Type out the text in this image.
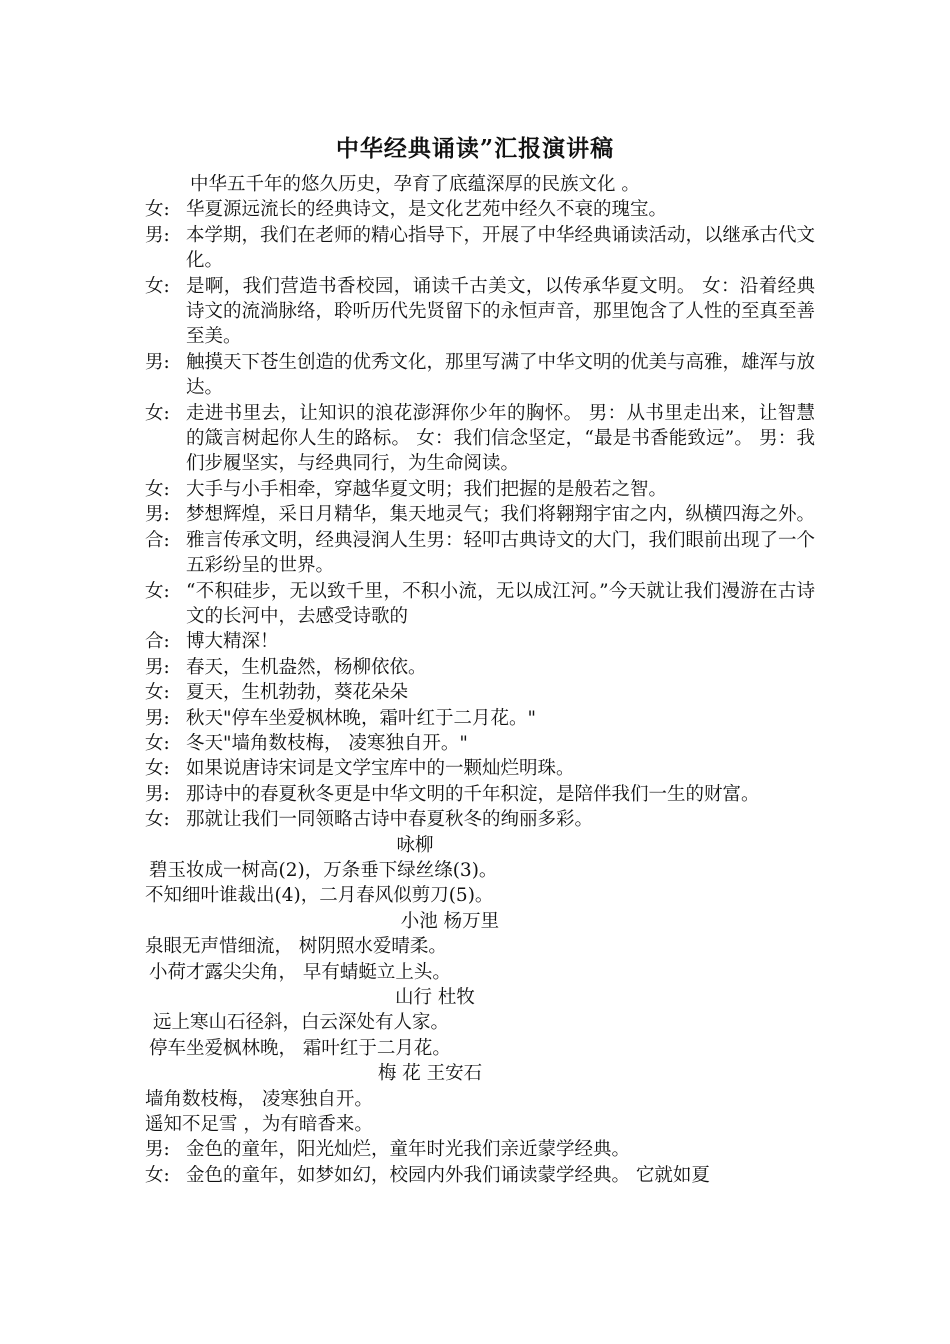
中华经典诵读”汇报演讲稿

中华五千年的悠久历史，孕育了底蕴深厚的民族文化 。

女: 华夏源远流长的经典诗文，是文化艺苑中经久不衰的瑰宝。
男: 本学期，我们在老师的精心指导下，开展了中华经典诵读活动，以继承古代文化。
女: 是啊，我们营造书香校园，诵读千古美文，以传承华夏文明。 女：沿着经典诗文的流淌脉络，聆听历代先贤留下的永恒声音，那里饱含了人性的至真至善至美。
男: 触摸天下苍生创造的优秀文化，那里写满了中华文明的优美与高雅，雄浑与放达。
女: 走进书里去，让知识的浪花澎湃你少年的胸怀。 男：从书里走出来，让智慧的箴言树起你人生的路标。 女：我们信念坚定，“最是书香能致远”。 男：我们步履坚实，与经典同行，为生命阅读。
女: 大手与小手相牵，穿越华夏文明；我们把握的是般若之智。
男: 梦想辉煌，采日月精华，集天地灵气；我们将翱翔宇宙之内，纵横四海之外。
合: 雅言传承文明，经典浸润人生男：轻叩古典诗文的大门，我们眼前出现了一个五彩纷呈的世界。
女: “不积硅步，无以致千里，不积小流，无以成江河。”今天就让我们漫游在古诗文的长河中，去感受诗歌的
合: 博大精深！
男: 春天，生机盎然，杨柳依依。
女: 夏天，生机勃勃，葵花朵朵
男: 秋天"停车坐爱枫林晚，霜叶红于二月花。"
女: 冬天"墙角数枝梅， 凌寒独自开。"
女: 如果说唐诗宋词是文学宝库中的一颗灿烂明珠。
男: 那诗中的春夏秋冬更是中华文明的千年积淀，是陪伴我们一生的财富。
女: 那就让我们一同领略古诗中春夏秋冬的绚丽多彩。
咏柳
碧玉妆成一树高(2)，万条垂下绿丝绦(3)。
不知细叶谁裁出(4)，二月春风似剪刀(5)。
小池 杨万里
泉眼无声惜细流， 树阴照水爱晴柔。
小荷才露尖尖角， 早有蜻蜓立上头。
山行 杜牧
远上寒山石径斜，白云深处有人家。
停车坐爱枫林晚， 霜叶红于二月花。
梅 花 王安石
墙角数枝梅， 凌寒独自开。
遥知不足雪 ，为有暗香来。
男: 金色的童年，阳光灿烂，童年时光我们亲近蒙学经典。
女: 金色的童年，如梦如幻，校园内外我们诵读蒙学经典。 它就如夏
